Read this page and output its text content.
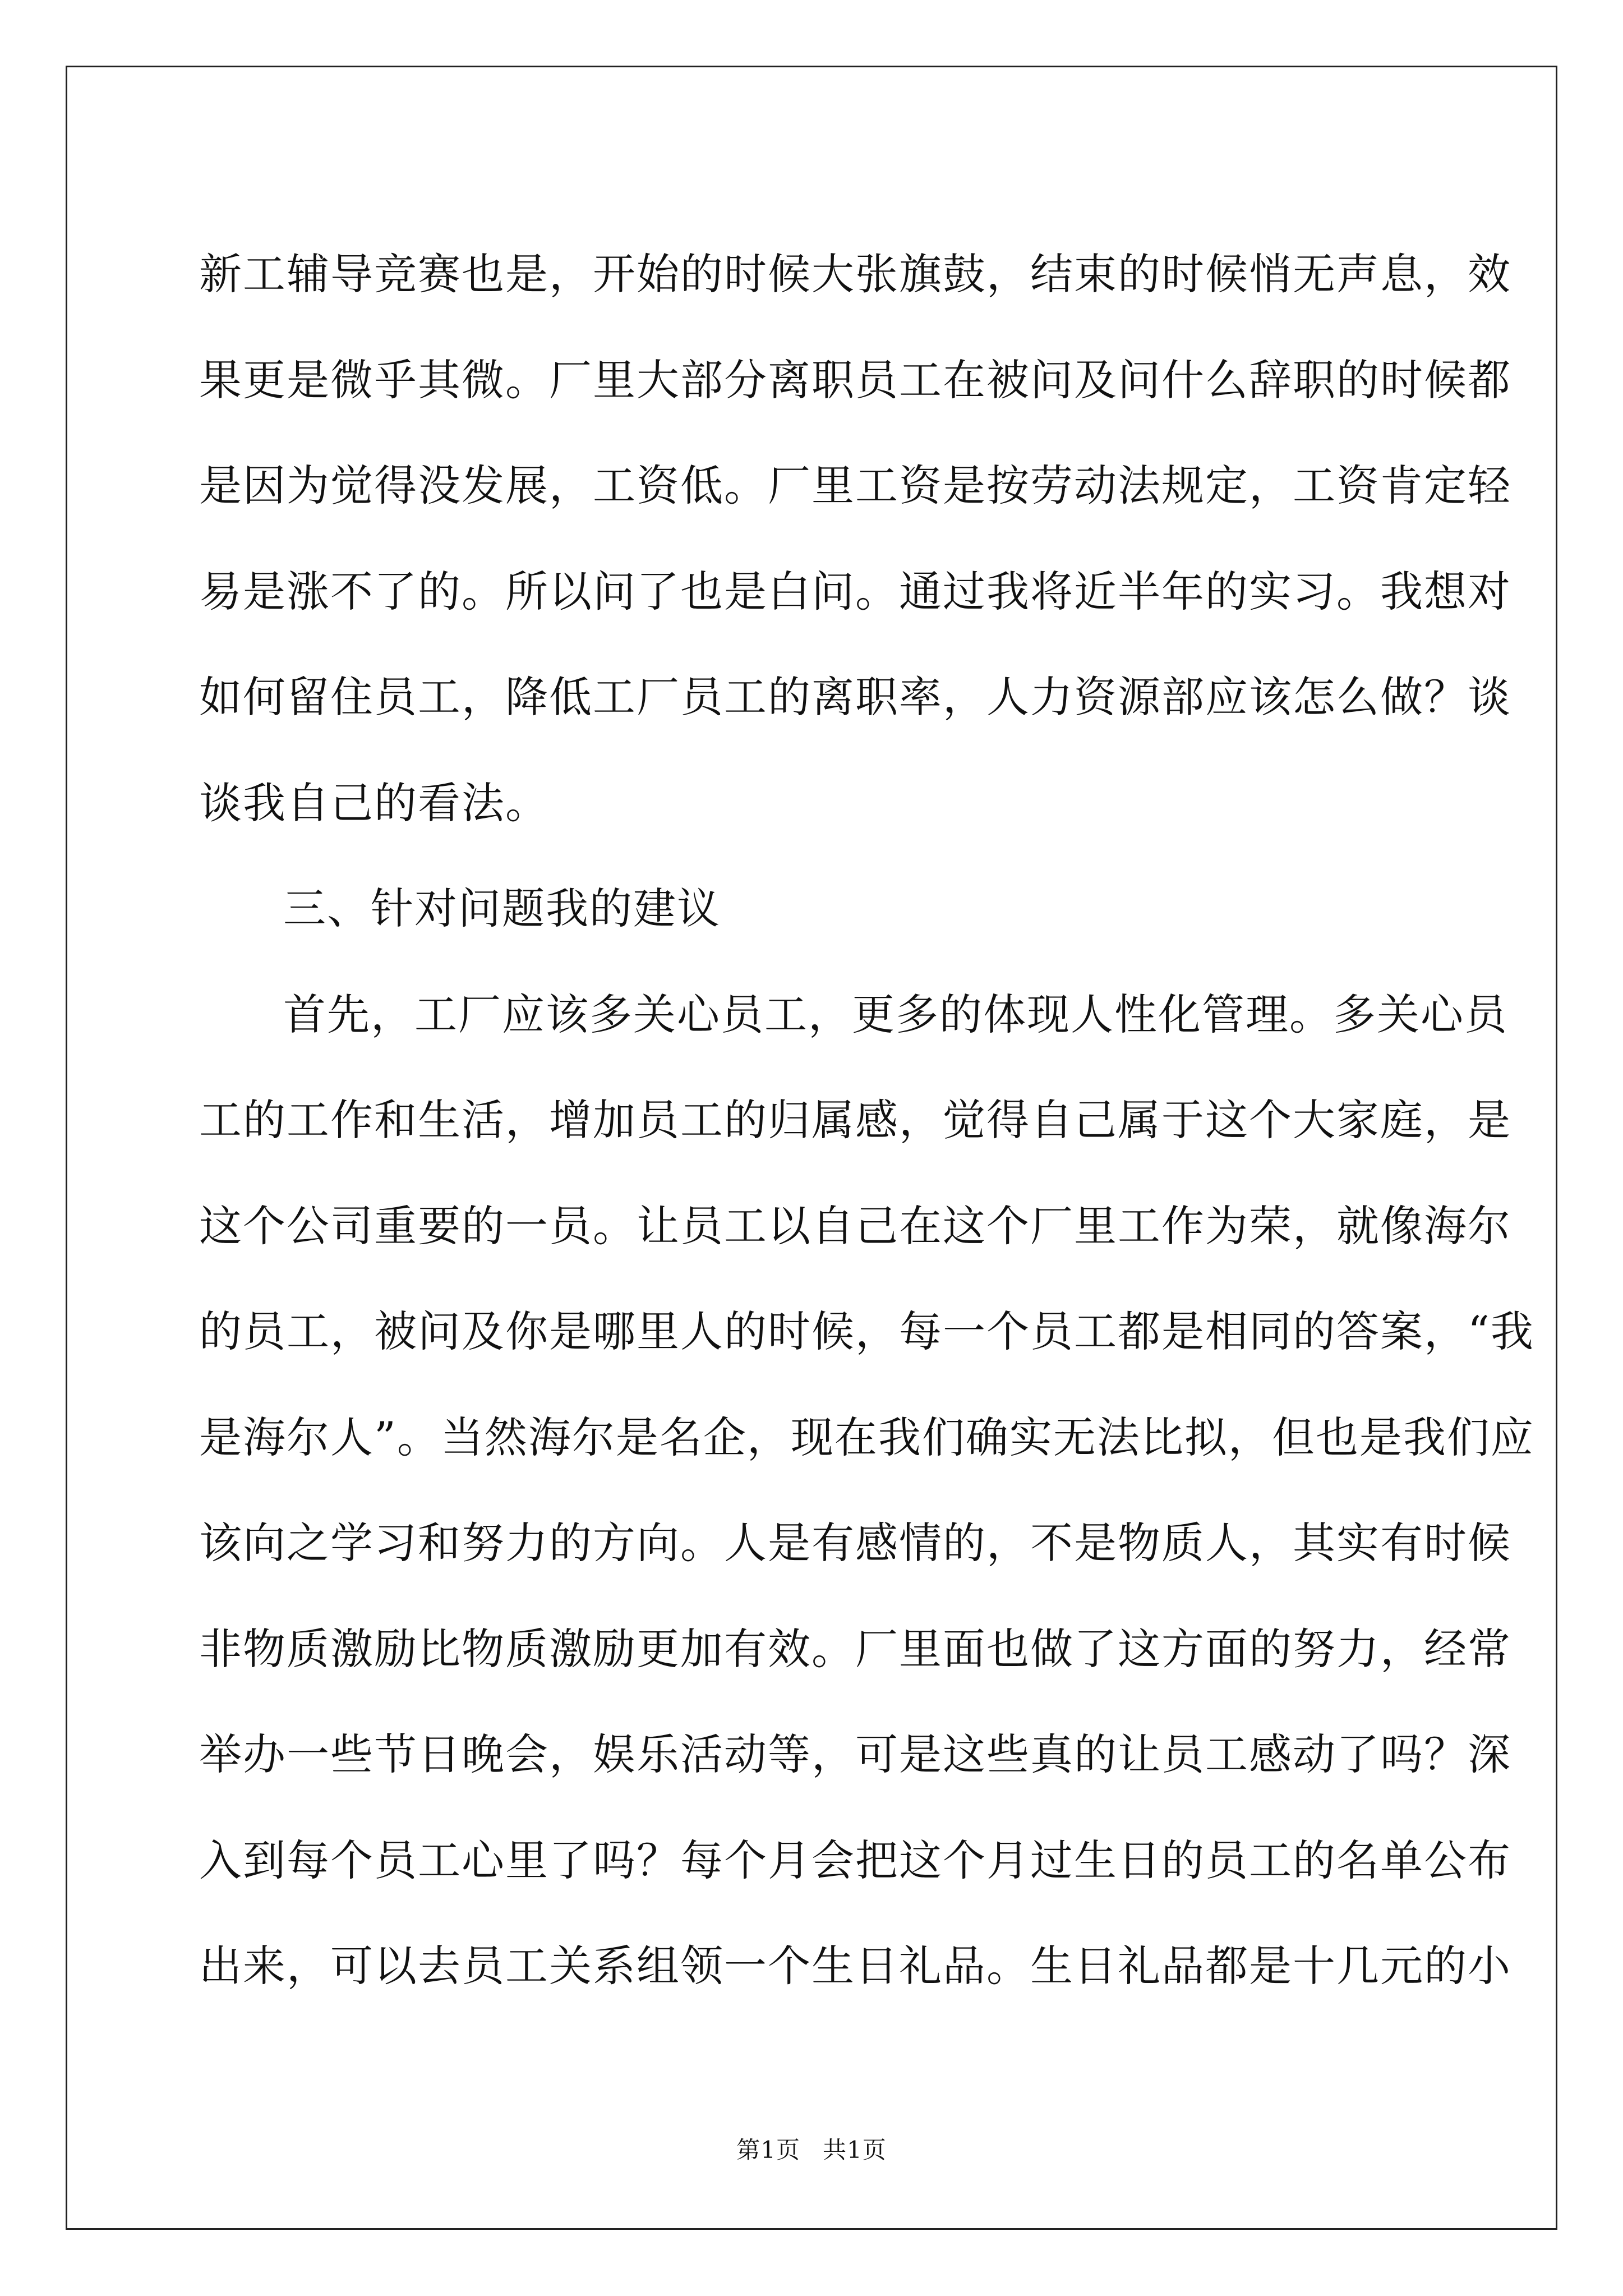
新工辅导竞赛也是，开始的时候大张旗鼓，结束的时候悄无声息，效
果更是微乎其微。厂里大部分离职员工在被问及问什么辞职的时候都
是因为觉得没发展，工资低。厂里工资是按劳动法规定，工资肯定轻
易是涨不了的。所以问了也是白问。通过我将近半年的实习。我想对
如何留住员工，降低工厂员工的离职率，人力资源部应该怎么做？谈
谈我自己的看法。
三、针对问题我的建议
首先，工厂应该多关心员工，更多的体现人性化管理。多关心员
工的工作和生活，增加员工的归属感，觉得自己属于这个大家庭，是
这个公司重要的一员。让员工以自己在这个厂里工作为荣，就像海尔
的员工，被问及你是哪里人的时候，每一个员工都是相同的答案，“我
是海尔人”。当然海尔是名企，现在我们确实无法比拟，但也是我们应
该向之学习和努力的方向。人是有感情的，不是物质人，其实有时候
非物质激励比物质激励更加有效。厂里面也做了这方面的努力，经常
举办一些节日晚会，娱乐活动等，可是这些真的让员工感动了吗？深
入到每个员工心里了吗？每个月会把这个月过生日的员工的名单公布
出来，可以去员工关系组领一个生日礼品。生日礼品都是十几元的小
第1页 共1页
